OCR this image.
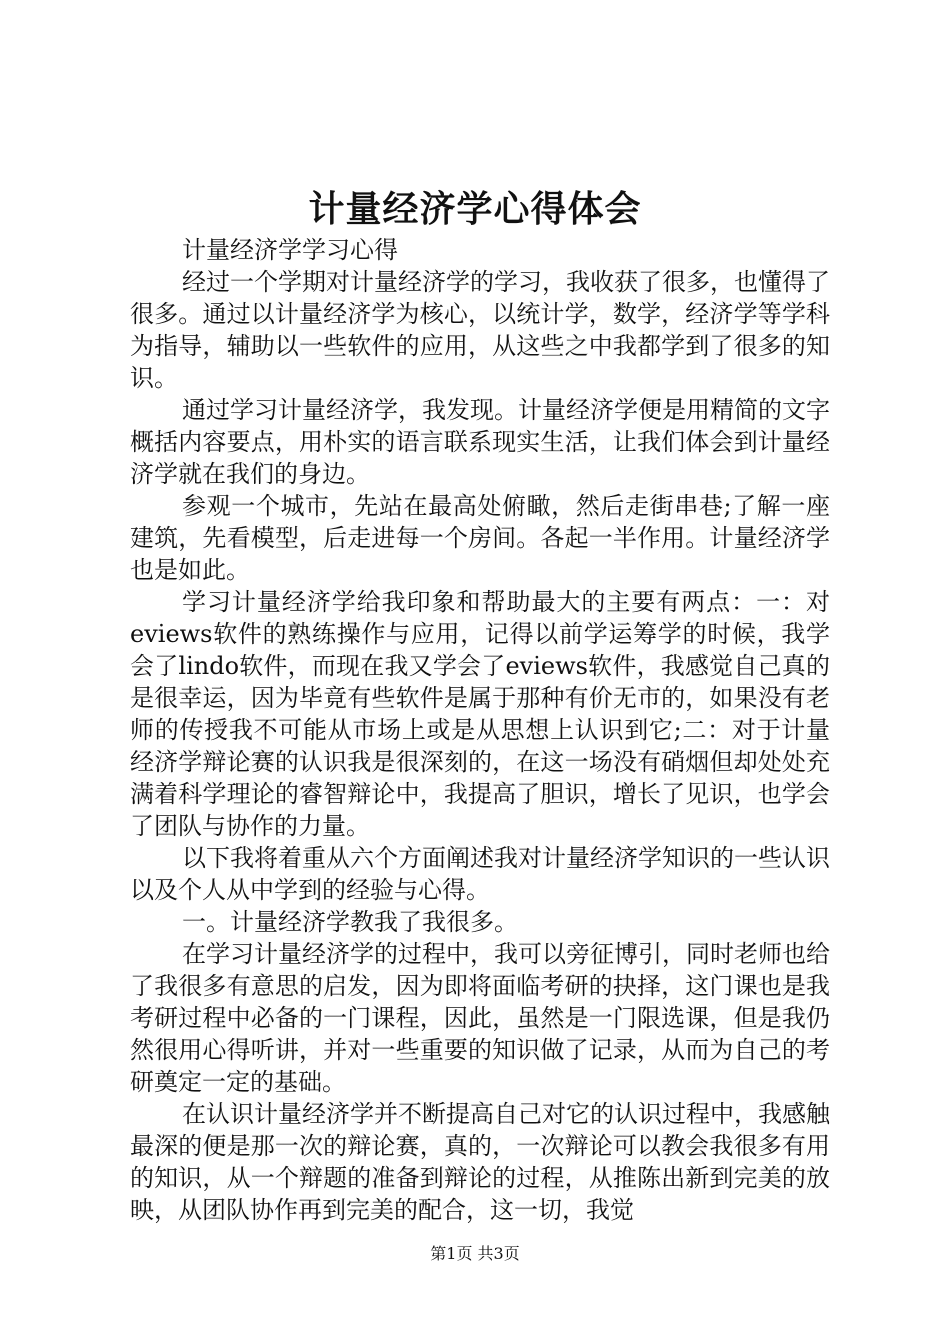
计量经济学心得体会

计量经济学学习心得

经过一个学期对计量经济学的学习，我收获了很多，也懂得了很多。通过以计量经济学为核心，以统计学，数学，经济学等学科为指导，辅助以一些软件的应用，从这些之中我都学到了很多的知识。

通过学习计量经济学，我发现。计量经济学便是用精简的文字概括内容要点，用朴实的语言联系现实生活，让我们体会到计量经济学就在我们的身边。

参观一个城市，先站在最高处俯瞰，然后走街串巷;了解一座建筑，先看模型，后走进每一个房间。各起一半作用。计量经济学也是如此。

学习计量经济学给我印象和帮助最大的主要有两点：一：对eviews软件的熟练操作与应用，记得以前学运筹学的时候，我学会了lindo软件，而现在我又学会了eviews软件，我感觉自己真的是很幸运，因为毕竟有些软件是属于那种有价无市的，如果没有老师的传授我不可能从市场上或是从思想上认识到它;二：对于计量经济学辩论赛的认识我是很深刻的，在这一场没有硝烟但却处处充满着科学理论的睿智辩论中，我提高了胆识，增长了见识，也学会了团队与协作的力量。

以下我将着重从六个方面阐述我对计量经济学知识的一些认识以及个人从中学到的经验与心得。

一。计量经济学教我了我很多。

在学习计量经济学的过程中，我可以旁征博引，同时老师也给了我很多有意思的启发，因为即将面临考研的抉择，这门课也是我考研过程中必备的一门课程，因此，虽然是一门限选课，但是我仍然很用心得听讲，并对一些重要的知识做了记录，从而为自己的考研奠定一定的基础。

在认识计量经济学并不断提高自己对它的认识过程中，我感触最深的便是那一次的辩论赛，真的，一次辩论可以教会我很多有用的知识，从一个辩题的准备到辩论的过程，从推陈出新到完美的放映，从团队协作再到完美的配合，这一切，我觉

第1页 共3页
